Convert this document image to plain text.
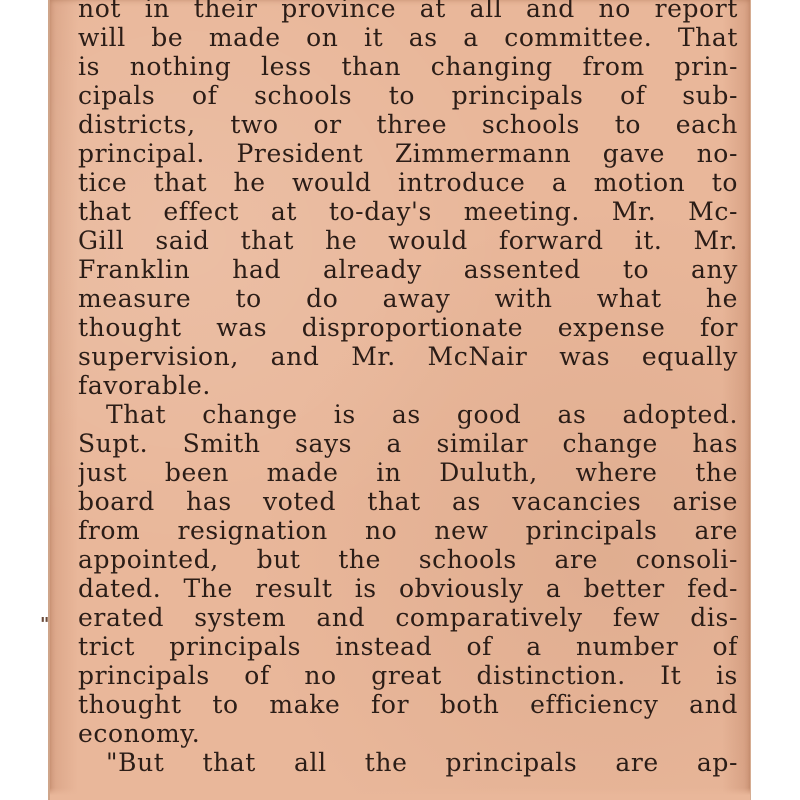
"
not in their province at all and no report
will be made on it as a committee. That
is nothing less than changing from prin-
cipals of schools to principals of sub-
districts, two or three schools to each
principal. President Zimmermann gave no-
tice that he would introduce a motion to
that effect at to-day's meeting. Mr. Mc-
Gill said that he would forward it. Mr.
Franklin had already assented to any
measure to do away with what he
thought was disproportionate expense for
supervision, and Mr. McNair was equally
favorable.
That change is as good as adopted.
Supt. Smith says a similar change has
just been made in Duluth, where the
board has voted that as vacancies arise
from resignation no new principals are
appointed, but the schools are consoli-
dated. The result is obviously a better fed-
erated system and comparatively few dis-
trict principals instead of a number of
principals of no great distinction. It is
thought to make for both efficiency and
economy.
"But that all the principals are ap-
